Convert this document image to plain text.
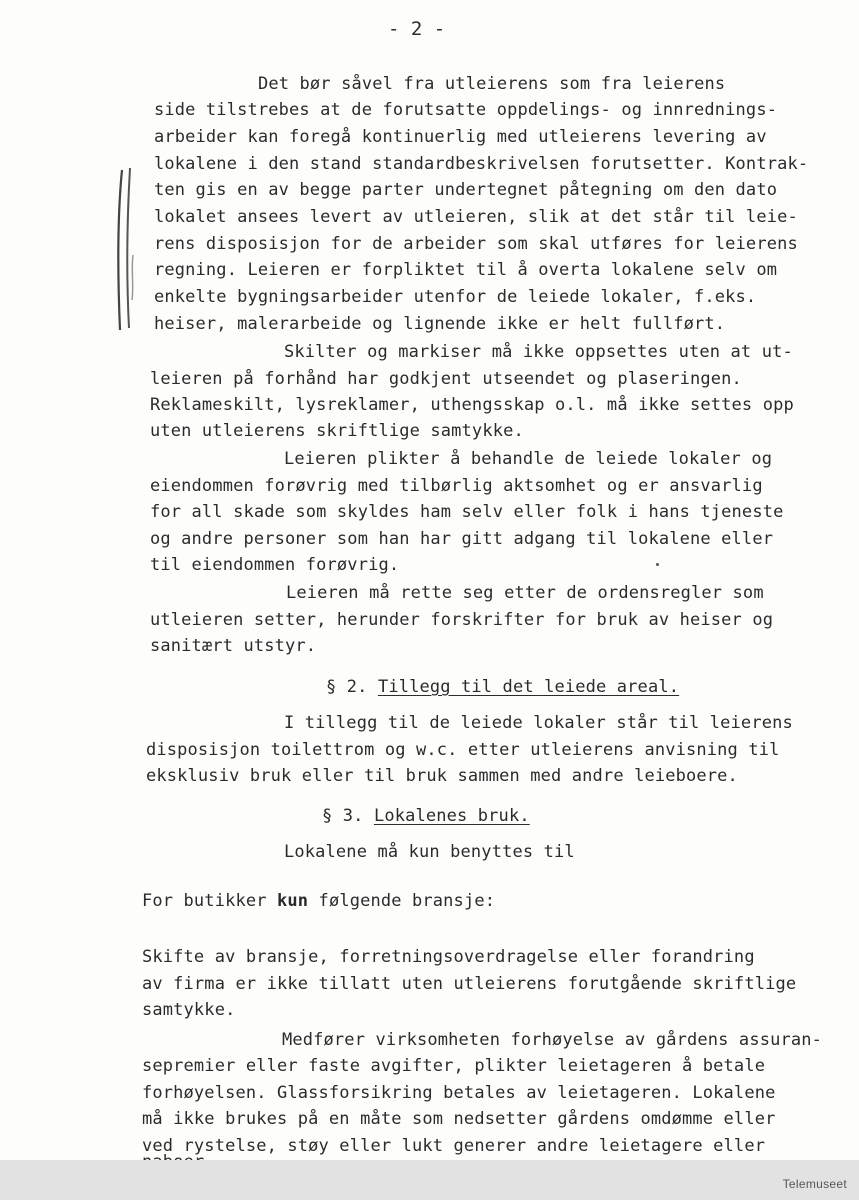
- 2 -
Det bør såvel fra utleierens som fra leierens
side tilstrebes at de forutsatte oppdelings- og innrednings-
arbeider kan foregå kontinuerlig med utleierens levering av
lokalene i den stand standardbeskrivelsen forutsetter. Kontrak-
ten gis en av begge parter undertegnet påtegning om den dato
lokalet ansees levert av utleieren, slik at det står til leie-
rens disposisjon for de arbeider som skal utføres for leierens
regning. Leieren er forpliktet til å overta lokalene selv om
enkelte bygningsarbeider utenfor de leiede lokaler, f.eks.
heiser, malerarbeide og lignende ikke er helt fullført.
Skilter og markiser må ikke oppsettes uten at ut-
leieren på forhånd har godkjent utseendet og plaseringen.
Reklameskilt, lysreklamer, uthengsskap o.l. må ikke settes opp
uten utleierens skriftlige samtykke.
Leieren plikter å behandle de leiede lokaler og
eiendommen forøvrig med tilbørlig aktsomhet og er ansvarlig
for all skade som skyldes ham selv eller folk i hans tjeneste
og andre personer som han har gitt adgang til lokalene eller
til eiendommen forøvrig.
Leieren må rette seg etter de ordensregler som
utleieren setter, herunder forskrifter for bruk av heiser og
sanitært utstyr.
§ 2. Tillegg til det leiede areal.
I tillegg til de leiede lokaler står til leierens
disposisjon toilettrom og w.c. etter utleierens anvisning til
eksklusiv bruk eller til bruk sammen med andre leieboere.
§ 3. Lokalenes bruk.
Lokalene må kun benyttes til
For butikker kun følgende bransje:
Skifte av bransje, forretningsoverdragelse eller forandring
av firma er ikke tillatt uten utleierens forutgående skriftlige
samtykke.
Medfører virksomheten forhøyelse av gårdens assuran-
sepremier eller faste avgifter, plikter leietageren å betale
forhøyelsen. Glassforsikring betales av leietageren. Lokalene
må ikke brukes på en måte som nedsetter gårdens omdømme eller
ved rystelse, støy eller lukt generer andre leietagere eller
Telemuseet
